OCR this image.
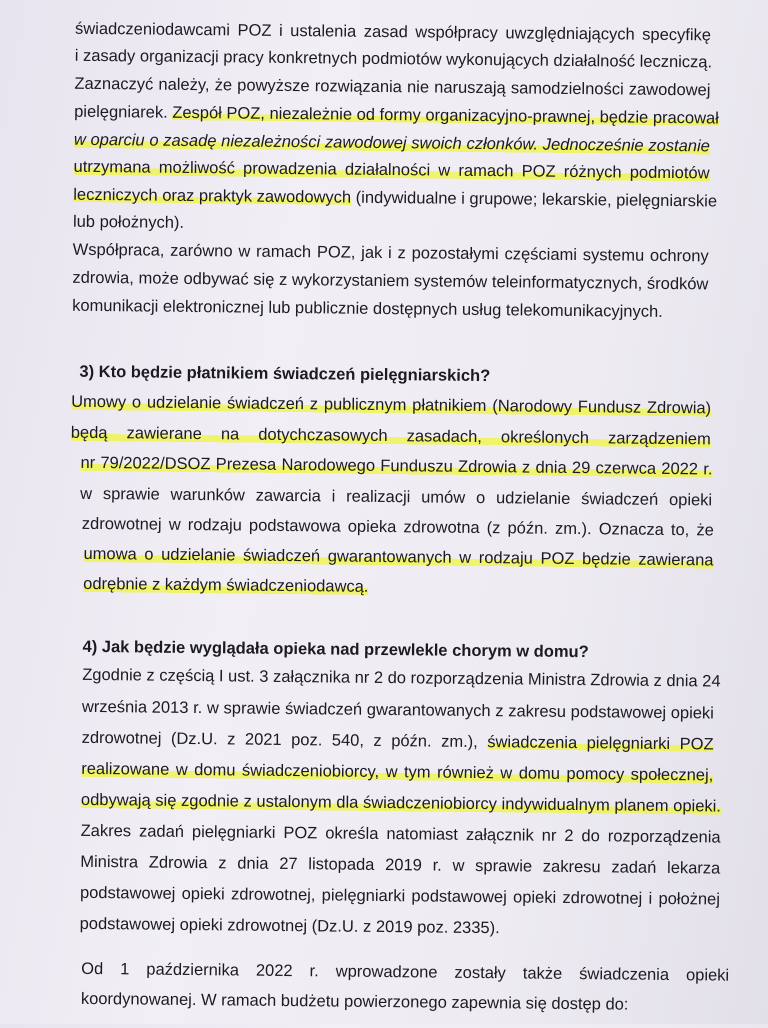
świadczeniodawcami POZ i ustalenia zasad współpracy uwzględniających specyfikę
i zasady organizacji pracy konkretnych podmiotów wykonujących działalność leczniczą.
Zaznaczyć należy, że powyższe rozwiązania nie naruszają samodzielności zawodowej
pielęgniarek. Zespół POZ, niezależnie od formy organizacyjno-prawnej, będzie pracował
w oparciu o zasadę niezależności zawodowej swoich członków. Jednocześnie zostanie
utrzymana możliwość prowadzenia działalności w ramach POZ różnych podmiotów
leczniczych oraz praktyk zawodowych (indywidualne i grupowe; lekarskie, pielęgniarskie
lub położnych).
Współpraca, zarówno w ramach POZ, jak i z pozostałymi częściami systemu ochrony
zdrowia, może odbywać się z wykorzystaniem systemów teleinformatycznych, środków
komunikacji elektronicznej lub publicznie dostępnych usług telekomunikacyjnych.
3) Kto będzie płatnikiem świadczeń pielęgniarskich?
Umowy o udzielanie świadczeń z publicznym płatnikiem (Narodowy Fundusz Zdrowia)
będą zawierane na dotychczasowych zasadach, określonych zarządzeniem
nr 79/2022/DSOZ Prezesa Narodowego Funduszu Zdrowia z dnia 29 czerwca 2022 r.
w sprawie warunków zawarcia i realizacji umów o udzielanie świadczeń opieki
zdrowotnej w rodzaju podstawowa opieka zdrowotna (z późn. zm.). Oznacza to, że
umowa o udzielanie świadczeń gwarantowanych w rodzaju POZ będzie zawierana
odrębnie z każdym świadczeniodawcą.
4) Jak będzie wyglądała opieka nad przewlekle chorym w domu?
Zgodnie z częścią I ust. 3 załącznika nr 2 do rozporządzenia Ministra Zdrowia z dnia 24
września 2013 r. w sprawie świadczeń gwarantowanych z zakresu podstawowej opieki
zdrowotnej (Dz.U. z 2021 poz. 540, z późn. zm.), świadczenia pielęgniarki POZ
realizowane w domu świadczeniobiorcy, w tym również w domu pomocy społecznej,
odbywają się zgodnie z ustalonym dla świadczeniobiorcy indywidualnym planem opieki.
Zakres zadań pielęgniarki POZ określa natomiast załącznik nr 2 do rozporządzenia
Ministra Zdrowia z dnia 27 listopada 2019 r. w sprawie zakresu zadań lekarza
podstawowej opieki zdrowotnej, pielęgniarki podstawowej opieki zdrowotnej i położnej
podstawowej opieki zdrowotnej (Dz.U. z 2019 poz. 2335).
Od 1 października 2022 r. wprowadzone zostały także świadczenia opieki
koordynowanej. W ramach budżetu powierzonego zapewnia się dostęp do:
